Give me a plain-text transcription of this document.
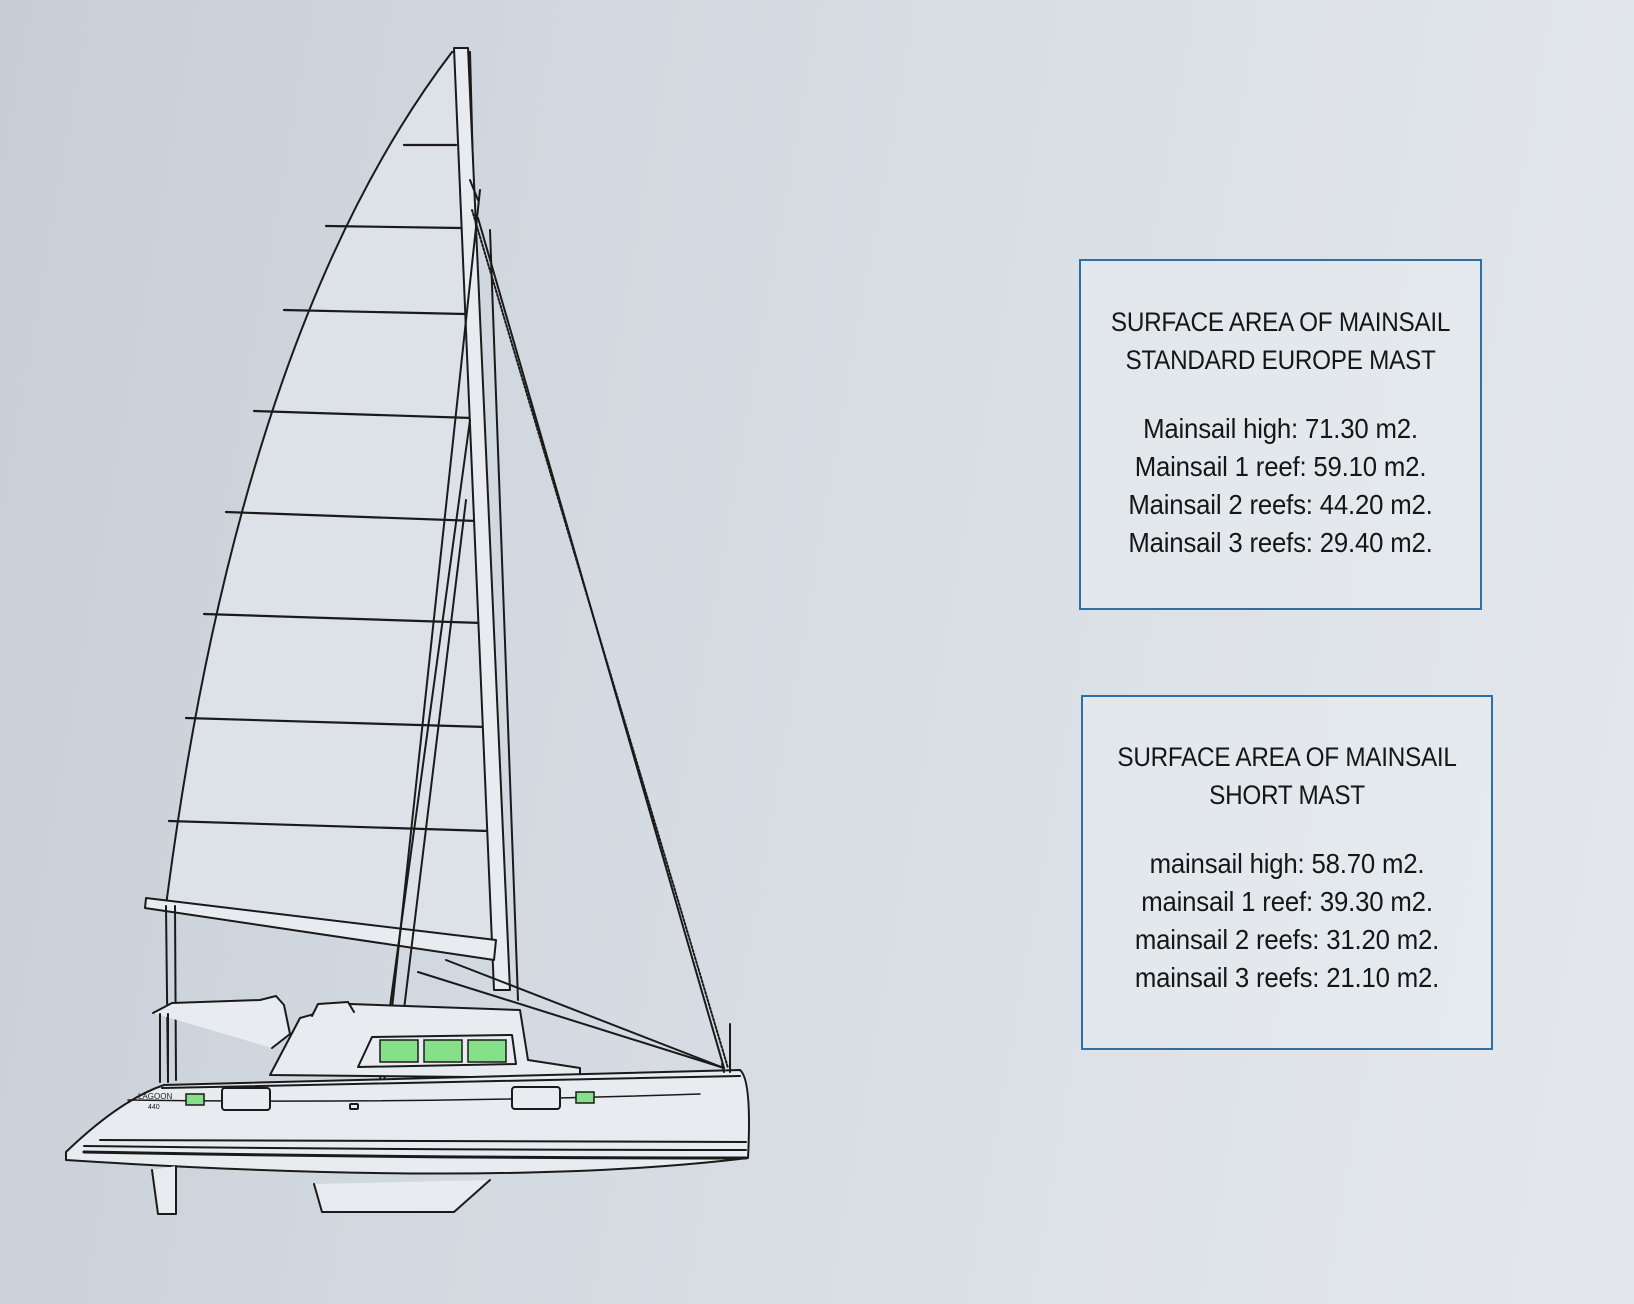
LAGOON
440
SURFACE AREA OF MAINSAIL
STANDARD EUROPE MAST
Mainsail high: 71.30 m2.
Mainsail 1 reef: 59.10 m2.
Mainsail 2 reefs: 44.20 m2.
Mainsail 3 reefs: 29.40 m2.
SURFACE AREA OF MAINSAIL
SHORT MAST
mainsail high: 58.70 m2.
mainsail 1 reef: 39.30 m2.
mainsail 2 reefs: 31.20 m2.
mainsail 3 reefs: 21.10 m2.
